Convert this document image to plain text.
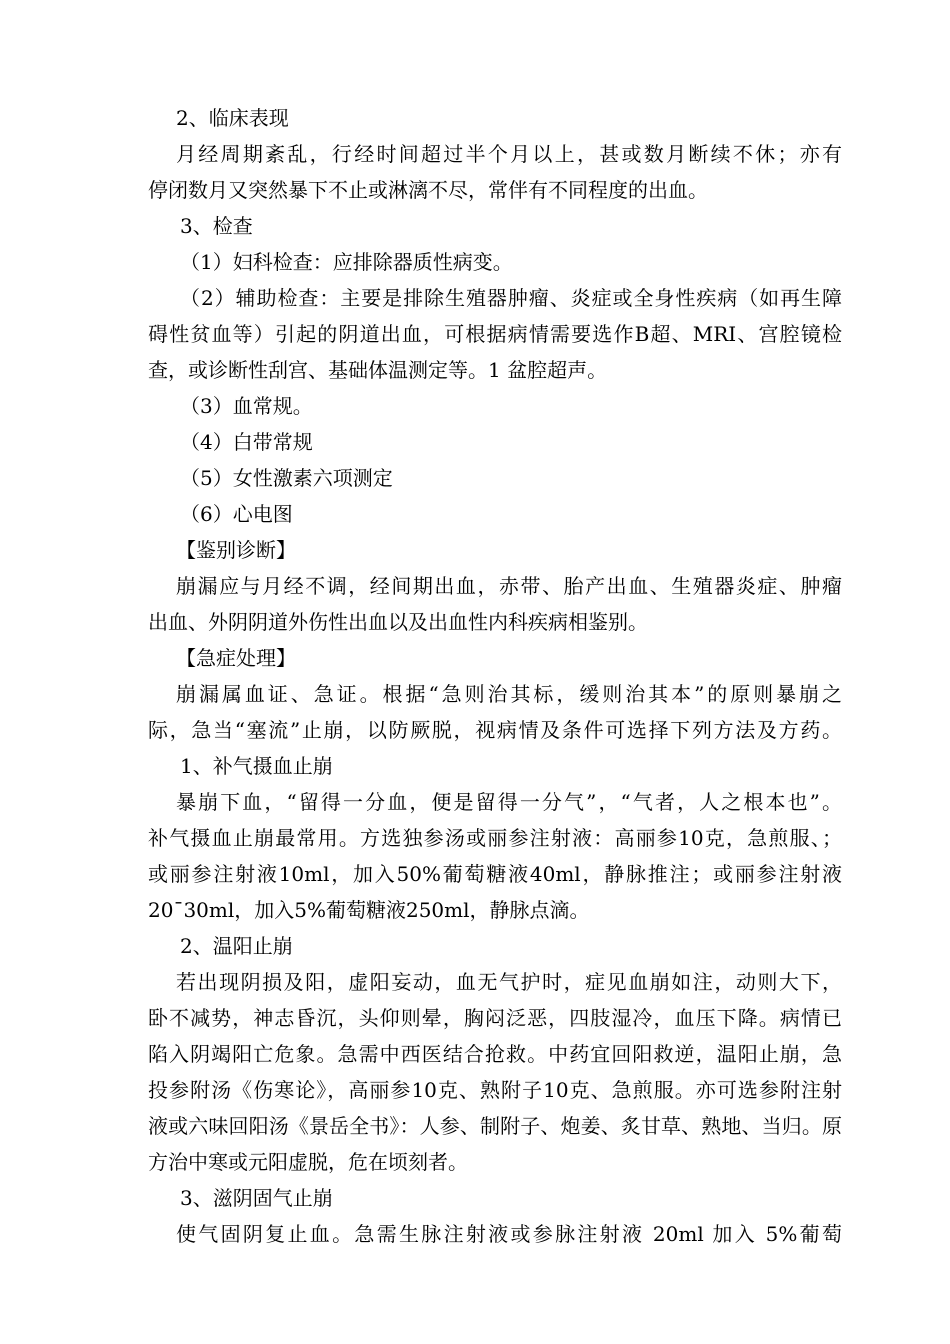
2、临床表现
月经周期紊乱，行经时间超过半个月以上，甚或数月断续不休；亦有
停闭数月又突然暴下不止或淋漓不尽，常伴有不同程度的出血。
3、检查
（1）妇科检查：应排除器质性病变。
（2）辅助检查：主要是排除生殖器肿瘤、炎症或全身性疾病（如再生障
碍性贫血等）引起的阴道出血，可根据病情需要选作B超、MRI、宫腔镜检
查，或诊断性刮宫、基础体温测定等。1 盆腔超声。
（3）血常规。
（4）白带常规
（5）女性激素六项测定
（6）心电图
【鉴别诊断】
崩漏应与月经不调，经间期出血，赤带、胎产出血、生殖器炎症、肿瘤
出血、外阴阴道外伤性出血以及出血性内科疾病相鉴别。
【急症处理】
崩漏属血证、急证。根据“急则治其标，缓则治其本”的原则暴崩之
际，急当“塞流”止崩，以防厥脱，视病情及条件可选择下列方法及方药。
1、补气摄血止崩
暴崩下血，“留得一分血，便是留得一分气”，“气者，人之根本也”。
补气摄血止崩最常用。方选独参汤或丽参注射液：高丽参10克，急煎服、；
或丽参注射液10ml，加入50%葡萄糖液40ml，静脉推注；或丽参注射液
20¯30ml，加入5%葡萄糖液250ml，静脉点滴。
2、温阳止崩
若出现阴损及阳，虚阳妄动，血无气护时，症见血崩如注，动则大下，
卧不减势，神志昏沉，头仰则晕，胸闷泛恶，四肢湿冷，血压下降。病情已
陷入阴竭阳亡危象。急需中西医结合抢救。中药宜回阳救逆，温阳止崩，急
投参附汤《伤寒论》，高丽参10克、熟附子10克、急煎服。亦可选参附注射
液或六味回阳汤《景岳全书》：人参、制附子、炮姜、炙甘草、熟地、当归。原
方治中寒或元阳虚脱，危在顷刻者。
3、滋阴固气止崩
使气固阴复止血。急需生脉注射液或参脉注射液 20ml 加入 5%葡萄
